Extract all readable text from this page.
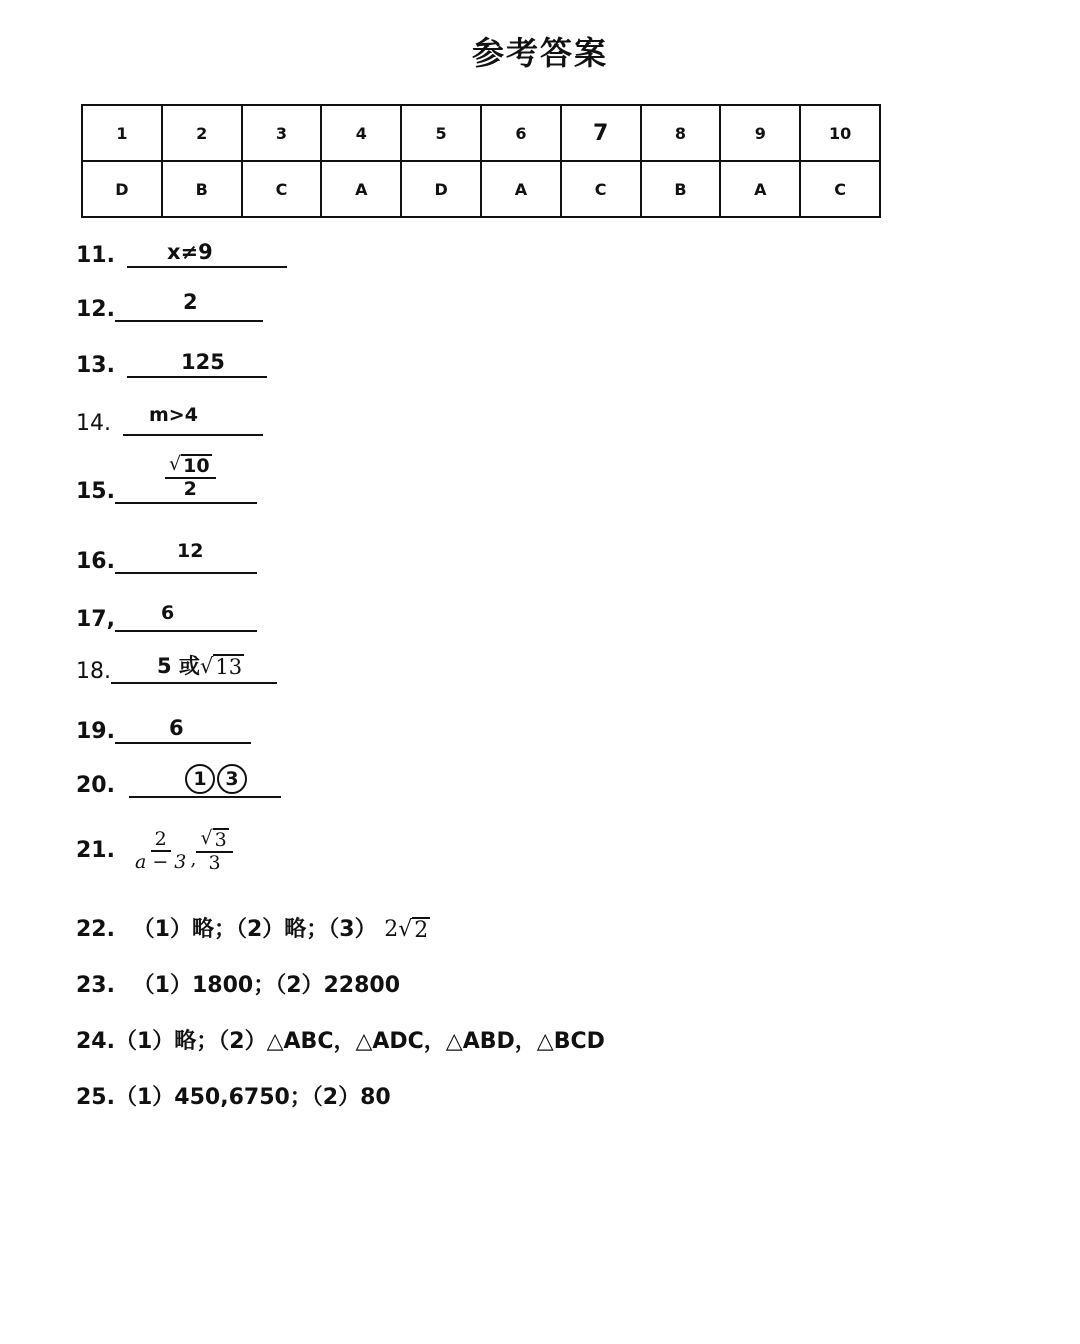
参考答案
1	2	3	4	5	6	7	8	9	10
D	B	C	A	D	A	C	B	A	C
11. x≠9
12.	2
13.	125
14. m>4
15.	$\frac{√ 10}{2}$
16.	12
17, 6
18. 5 或 √ 13
19.	6
20.	1 3
21. $\frac{2}{a - 3}$ , $\frac{√ 3}{3}$
22. （1）略；（2）略；（3） 2 √ 2
23. （1）1800；（2）22800
24.（1）略；（2）△ABC，△ADC，△ABD，△BCD
25.（1）450,6750；（2）80
